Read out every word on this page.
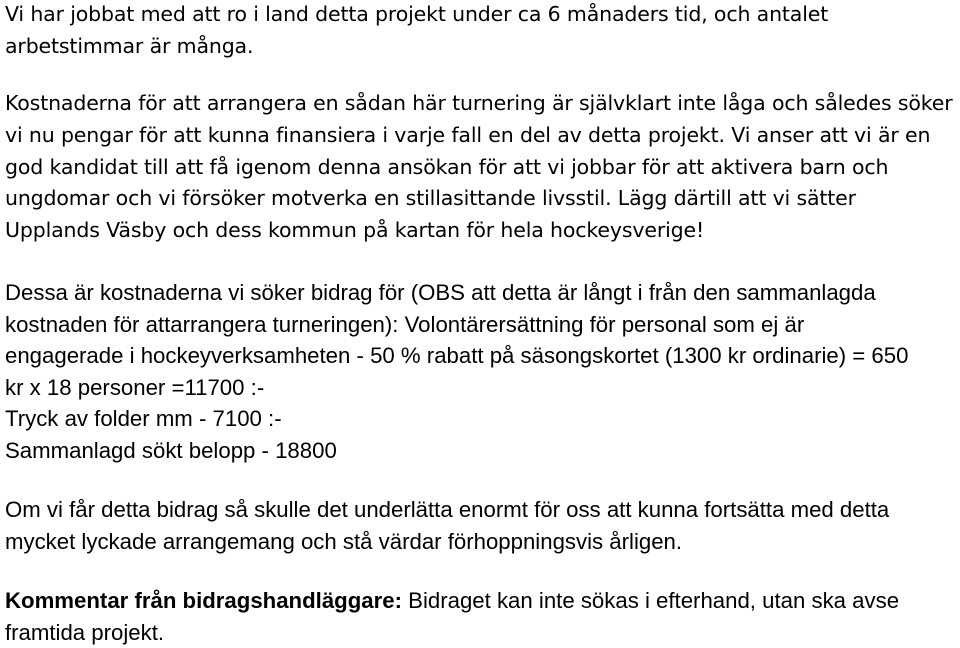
Vi har jobbat med att ro i land detta projekt under ca 6 månaders tid, och antalet
arbetstimmar är många.

Kostnaderna för att arrangera en sådan här turnering är självklart inte låga och således söker
vi nu pengar för att kunna finansiera i varje fall en del av detta projekt. Vi anser att vi är en
god kandidat till att få igenom denna ansökan för att vi jobbar för att aktivera barn och
ungdomar och vi försöker motverka en stillasittande livsstil. Lägg därtill att vi sätter
Upplands Väsby och dess kommun på kartan för hela hockeysverige!

Dessa är kostnaderna vi söker bidrag för (OBS att detta är långt i från den sammanlagda
kostnaden för attarrangera turneringen): Volontärersättning för personal som ej är
engagerade i hockeyverksamheten - 50 % rabatt på säsongskortet (1300 kr ordinarie) = 650
kr x 18 personer =11700 :-
Tryck av folder mm - 7100 :-
Sammanlagd sökt belopp - 18800

Om vi får detta bidrag så skulle det underlätta enormt för oss att kunna fortsätta med detta
mycket lyckade arrangemang och stå värdar förhoppningsvis årligen.

Kommentar från bidragshandläggare: Bidraget kan inte sökas i efterhand, utan ska avse
framtida projekt.
